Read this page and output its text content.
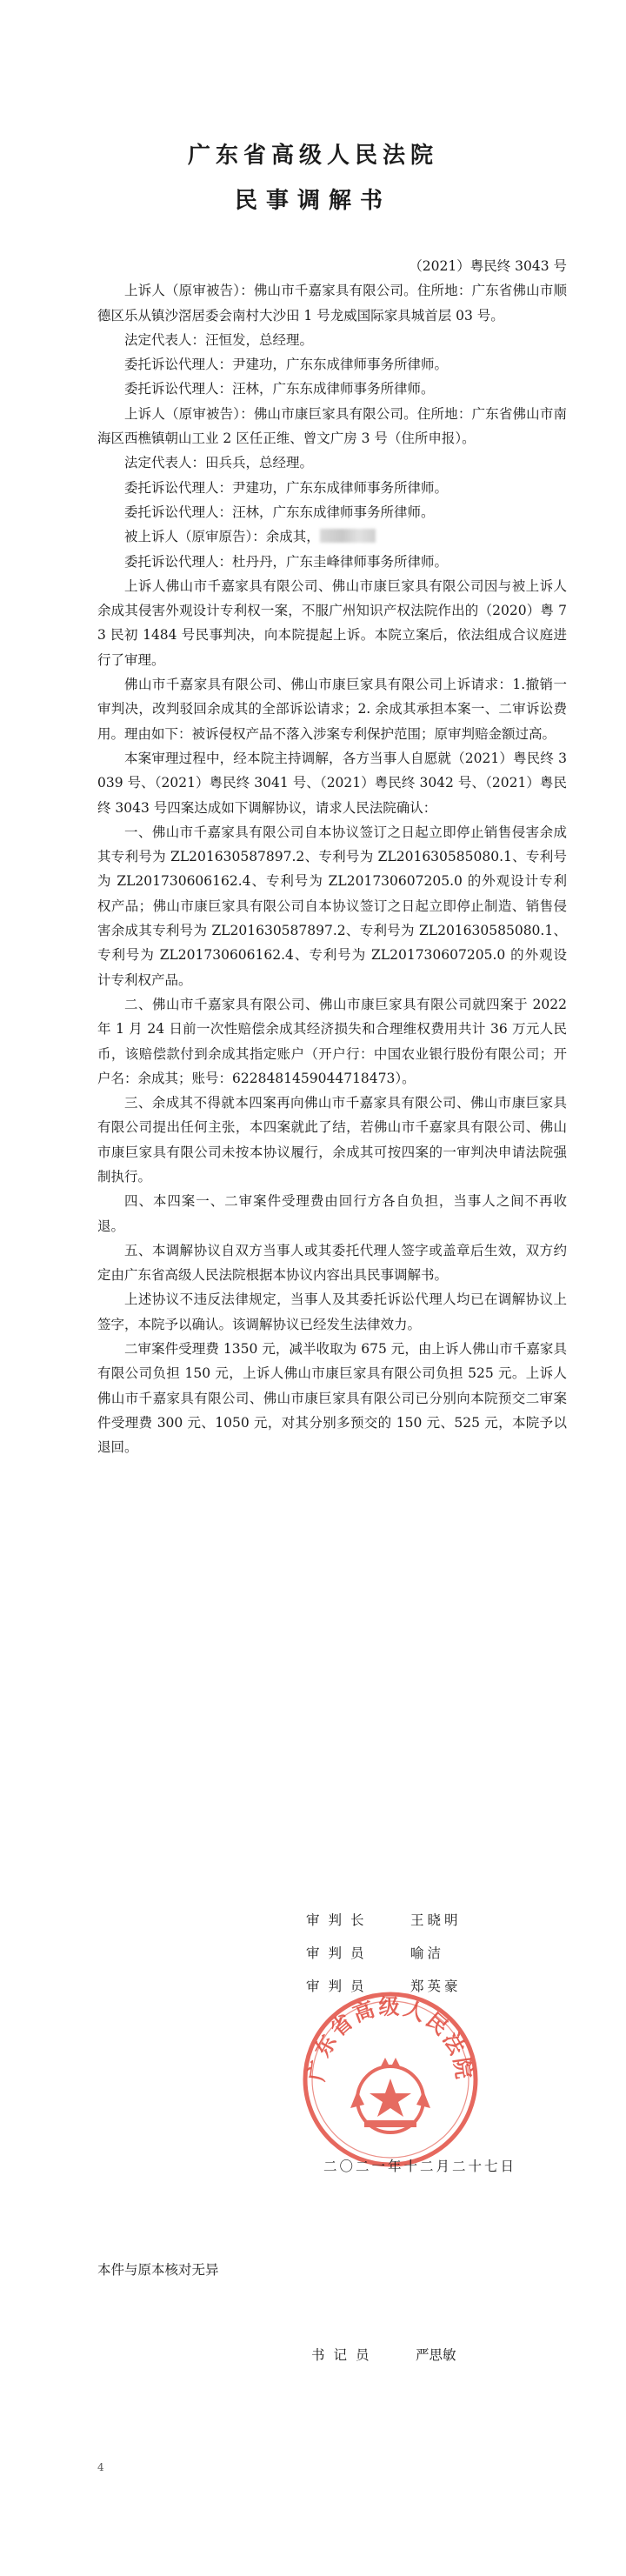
广东省高级人民法院
民事调解书

（2021）粤民终 3043 号

上诉人（原审被告）：佛山市千嘉家具有限公司。住所地：广东省佛山市顺德区乐从镇沙滘居委会南村大沙田 1 号龙威国际家具城首层 03 号。

法定代表人：汪恒发，总经理。

委托诉讼代理人：尹建功，广东东成律师事务所律师。

委托诉讼代理人：汪林，广东东成律师事务所律师。

上诉人（原审被告）：佛山市康巨家具有限公司。住所地：广东省佛山市南海区西樵镇朝山工业 2 区任正维、曾文广房 3 号（住所申报）。

法定代表人：田兵兵，总经理。

委托诉讼代理人：尹建功，广东东成律师事务所律师。

委托诉讼代理人：汪林，广东东成律师事务所律师。

被上诉人（原审原告）：余成其，

委托诉讼代理人：杜丹丹，广东圭峰律师事务所律师。

上诉人佛山市千嘉家具有限公司、佛山市康巨家具有限公司因与被上诉人余成其侵害外观设计专利权一案，不服广州知识产权法院作出的（2020）粤 73 民初 1484 号民事判决，向本院提起上诉。本院立案后，依法组成合议庭进行了审理。

佛山市千嘉家具有限公司、佛山市康巨家具有限公司上诉请求：1.撤销一审判决，改判驳回余成其的全部诉讼请求；2. 余成其承担本案一、二审诉讼费用。理由如下：被诉侵权产品不落入涉案专利保护范围；原审判赔金额过高。

本案审理过程中，经本院主持调解，各方当事人自愿就（2021）粤民终 3039 号、（2021）粤民终 3041 号、（2021）粤民终 3042 号、（2021）粤民终 3043 号四案达成如下调解协议，请求人民法院确认：

一、佛山市千嘉家具有限公司自本协议签订之日起立即停止销售侵害余成其专利号为 ZL201630587897.2、专利号为 ZL201630585080.1、专利号为 ZL201730606162.4、专利号为 ZL201730607205.0 的外观设计专利权产品；佛山市康巨家具有限公司自本协议签订之日起立即停止制造、销售侵害余成其专利号为 ZL201630587897.2、专利号为 ZL201630585080.1、专利号为 ZL201730606162.4、专利号为 ZL201730607205.0 的外观设计专利权产品。

二、佛山市千嘉家具有限公司、佛山市康巨家具有限公司就四案于 2022 年 1 月 24 日前一次性赔偿余成其经济损失和合理维权费用共计 36 万元人民币，该赔偿款付到余成其指定账户（开户行：中国农业银行股份有限公司；开户名：余成其；账号：6228481459044718473）。

三、余成其不得就本四案再向佛山市千嘉家具有限公司、佛山市康巨家具有限公司提出任何主张，本四案就此了结，若佛山市千嘉家具有限公司、佛山市康巨家具有限公司未按本协议履行，余成其可按四案的一审判决申请法院强制执行。

四、本四案一、二审案件受理费由回行方各自负担，当事人之间不再收退。

五、本调解协议自双方当事人或其委托代理人签字或盖章后生效，双方约定由广东省高级人民法院根据本协议内容出具民事调解书。

上述协议不违反法律规定，当事人及其委托诉讼代理人均已在调解协议上签字，本院予以确认。该调解协议已经发生法律效力。

二审案件受理费 1350 元，减半收取为 675 元，由上诉人佛山市千嘉家具有限公司负担 150 元，上诉人佛山市康巨家具有限公司负担 525 元。上诉人佛山市千嘉家具有限公司、佛山市康巨家具有限公司已分别向本院预交二审案件受理费 300 元、1050 元，对其分别多预交的 150 元、525 元，本院予以退回。

审判长	王晓明
审判员	喻洁
审判员	郑英豪
广东省高级人民法院
二〇二一年十二月二十七日
本件与原本核对无异
书记员	严思敏
4
